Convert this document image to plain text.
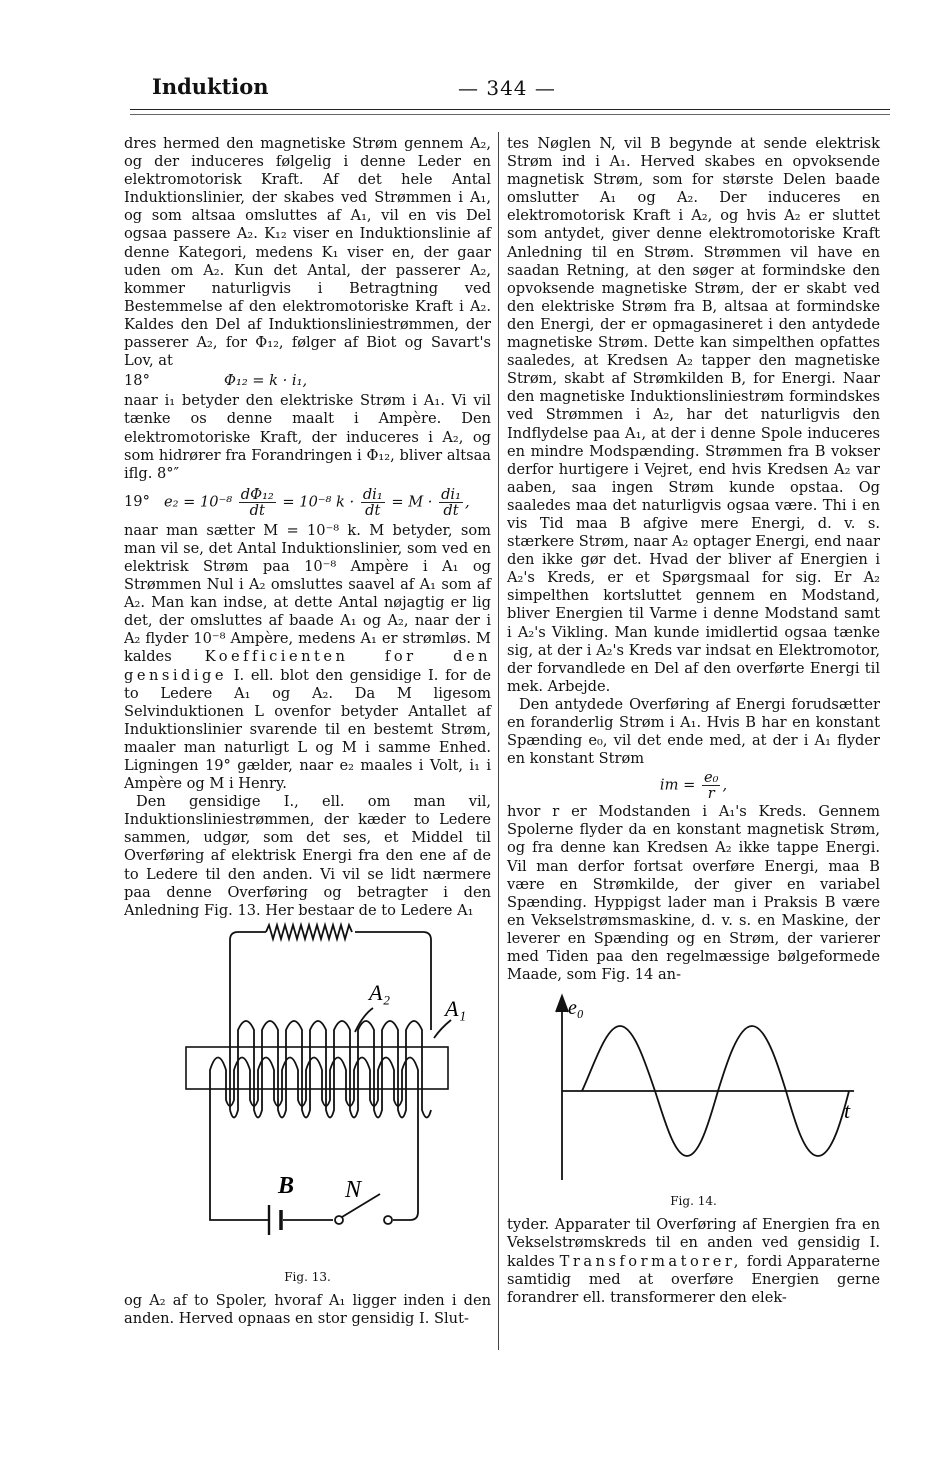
Induktion	— 344 —

dres hermed den magnetiske Strøm gennem A₂, og der induceres følgelig i denne Leder en elektromotorisk Kraft. Af det hele Antal Induktionslinier, der skabes ved Strømmen i A₁, og som altsaa omsluttes af A₁, vil en vis Del ogsaa passere A₂. K₁₂ viser en Induktionslinie af denne Kategori, medens K₁ viser en, der gaar uden om A₂. Kun det Antal, der passerer A₂, kommer naturligvis i Betragtning ved Bestemmelse af den elektromotoriske Kraft i A₂. Kaldes den Del af Induktionsliniestrømmen, der passerer A₂, for Φ₁₂, følger af Biot og Savart's Lov, at

18°	Φ₁₂ = k · i₁,

naar i₁ betyder den elektriske Strøm i A₁. Vi vil tænke os denne maalt i Ampère. Den elektromotoriske Kraft, der induceres i A₂, og som hidrører fra Forandringen i Φ₁₂, bliver altsaa iflg. 8°″

19° $e_2 = 10^{-8} \frac{\text{dΦ₁₂}}{dt} = 10^{-8}$ $k \cdot \frac{\text{di₁}}{dt} = M \cdot \frac{\text{di₁}}{dt}$ ,

naar man sætter M = 10⁻⁸ k. M betyder, som man vil se, det Antal Induktionslinier, som ved en elektrisk Strøm paa 10⁻⁸ Ampère i A₁ og Strømmen Nul i A₂ omsluttes saavel af A₁ som af A₂. Man kan indse, at dette Antal nøjagtig er lig det, der omsluttes af baade A₁ og A₂, naar der i A₂ flyder 10⁻⁸ Ampère, medens A₁ er strømløs. M kaldes Koefficienten for den gensidige I. ell. blot den gensidige I. for de to Ledere A₁ og A₂. Da M ligesom Selvinduktionen L ovenfor betyder Antallet af Induktionslinier svarende til en bestemt Strøm, maaler man naturligt L og M i samme Enhed. Ligningen 19° gælder, naar e₂ maales i Volt, i₁ i Ampère og M i Henry.

Den gensidige I., ell. om man vil, Induktionsliniestrømmen, der kæder to Ledere sammen, udgør, som det ses, et Middel til Overføring af elektrisk Energi fra den ene af de to Ledere til den anden. Vi vil se lidt nærmere paa denne Overføring og betragter i den Anledning Fig. 13. Her bestaar de to Ledere A₁

A₂
A₁
B N
Fig. 13.

og A₂ af to Spoler, hvoraf A₁ ligger inden i den anden. Herved opnaas en stor gensidig I. Slut-

tes Nøglen N, vil B begynde at sende elektrisk Strøm ind i A₁. Herved skabes en opvoksende magnetisk Strøm, som for største Delen baade omslutter A₁ og A₂. Der induceres en elektromotorisk Kraft i A₂, og hvis A₂ er sluttet som antydet, giver denne elektromotoriske Kraft Anledning til en Strøm. Strømmen vil have en saadan Retning, at den søger at formindske den opvoksende magnetiske Strøm, der er skabt ved den elektriske Strøm fra B, altsaa at formindske den Energi, der er opmagasineret i den antydede magnetiske Strøm. Dette kan simpelthen opfattes saaledes, at Kredsen A₂ tapper den magnetiske Strøm, skabt af Strømkilden B, for Energi. Naar den magnetiske Induktionsliniestrøm formindskes ved Strømmen i A₂, har det naturligvis den Indflydelse paa A₁, at der i denne Spole induceres en mindre Modspænding. Strømmen fra B vokser derfor hurtigere i Vejret, end hvis Kredsen A₂ var aaben, saa ingen Strøm kunde opstaa. Og saaledes maa det naturligvis ogsaa være. Thi i en vis Tid maa B afgive mere Energi, d. v. s. stærkere Strøm, naar A₂ optager Energi, end naar den ikke gør det. Hvad der bliver af Energien i A₂'s Kreds, er et Spørgsmaal for sig. Er A₂ simpelthen kortsluttet gennem en Modstand, bliver Energien til Varme i denne Modstand samt i A₂'s Vikling. Man kunde imidlertid ogsaa tænke sig, at der i A₂'s Kreds var indsat en Elektromotor, der forvandlede en Del af den overførte Energi til mek. Arbejde.

Den antydede Overføring af Energi forudsætter en foranderlig Strøm i A₁. Hvis B har en konstant Spænding e₀, vil det ende med, at der i A₁ flyder en konstant Strøm

im = $\frac{\text{e₀}}{r}$ ,

hvor r er Modstanden i A₁'s Kreds. Gennem Spolerne flyder da en konstant magnetisk Strøm, og fra denne kan Kredsen A₂ ikke tappe Energi. Vil man derfor fortsat overføre Energi, maa B være en Strømkilde, der giver en variabel Spænding. Hyppigst lader man i Praksis B være en Vekselstrømsmaskine, d. v. s. en Maskine, der leverer en Spænding og en Strøm, der varierer med Tiden paa den regelmæssige bølgeformede Maade, som Fig. 14 an-

e₀
t
Fig. 14.

tyder. Apparater til Overføring af Energien fra en Vekselstrømskreds til en anden ved gensidig I. kaldes Transformatorer, fordi Apparaterne samtidig med at overføre Energien gerne forandrer ell. transformerer den elek-
